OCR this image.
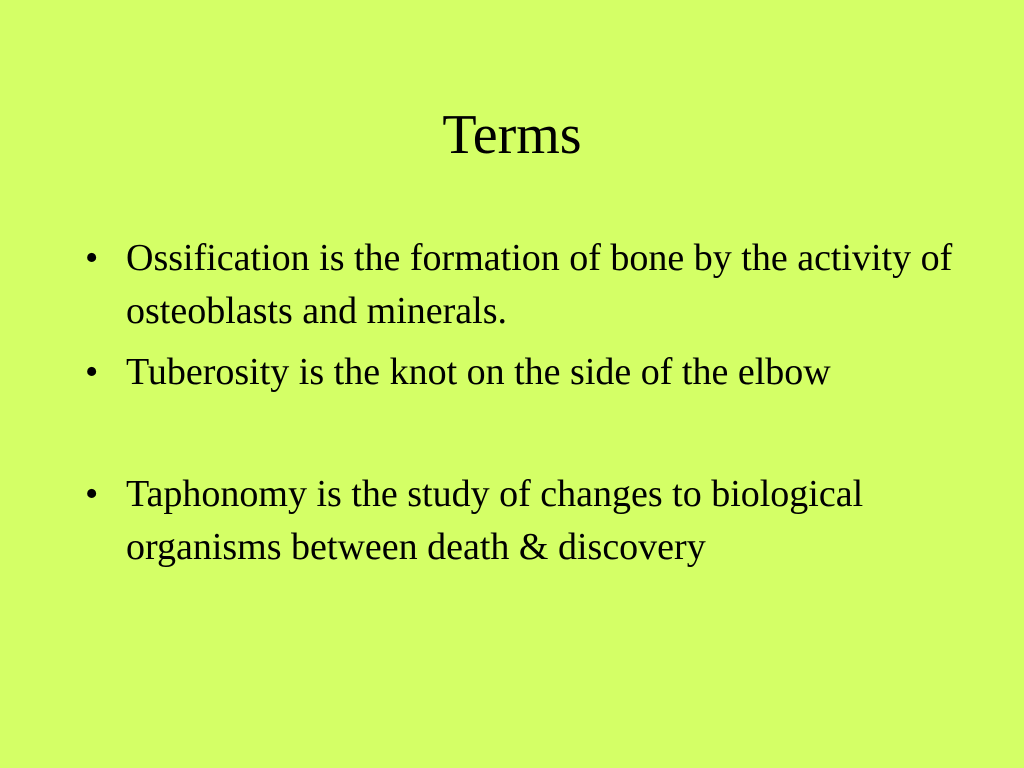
Terms
• Ossification is the formation of bone by the activity of osteoblasts and minerals.
• Tuberosity is the knot on the side of the elbow
• Taphonomy is the study of changes to biological organisms between death & discovery
